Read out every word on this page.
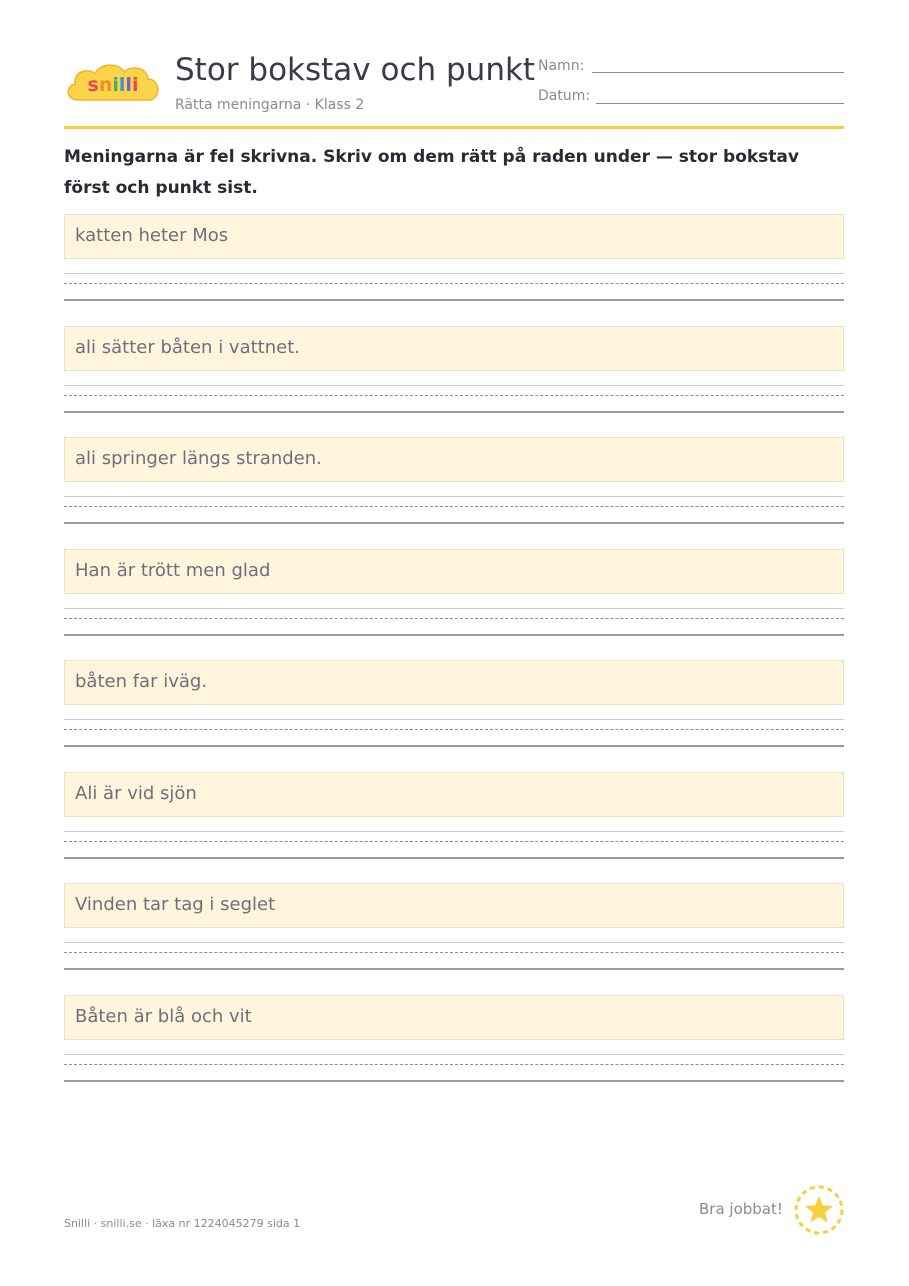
snilli Stor bokstav och punkt
Rätta meningarna · Klass 2
Namn:
Datum:
Meningarna är fel skrivna. Skriv om dem rätt på raden under — stor bokstav först och punkt sist.
katten heter Mos
ali sätter båten i vattnet.
ali springer längs stranden.
Han är trött men glad
båten far iväg.
Ali är vid sjön
Vinden tar tag i seglet
Båten är blå och vit
Snilli · snilli.se · läxa nr 1224045279 sida 1
Bra jobbat!
